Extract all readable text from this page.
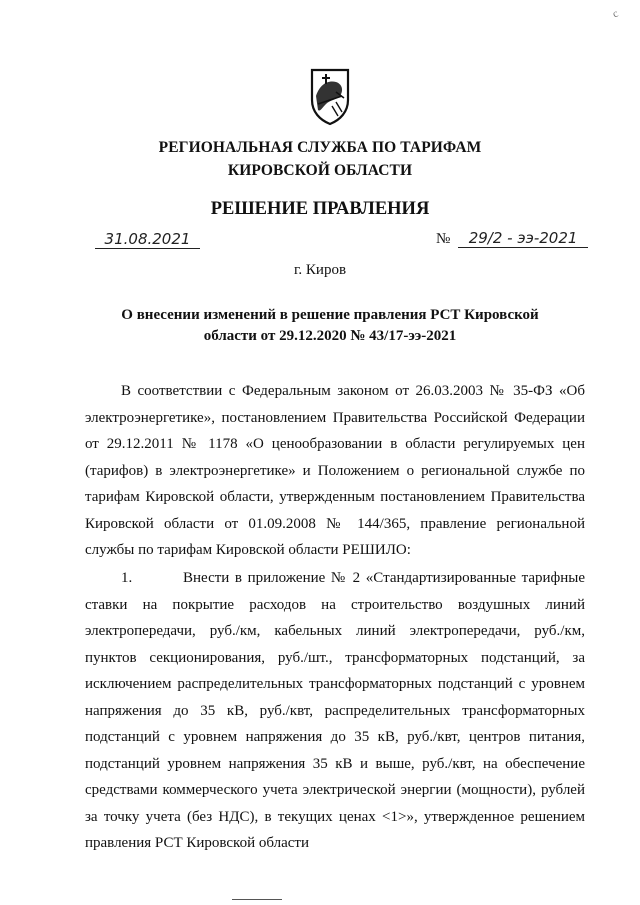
с
РЕГИОНАЛЬНАЯ СЛУЖБА ПО ТАРИФАМ
КИРОВСКОЙ ОБЛАСТИ
РЕШЕНИЕ ПРАВЛЕНИЯ
31.08.2021	№ 29/2 - ээ-2021
г. Киров
О внесении изменений в решение правления РСТ Кировской
области от 29.12.2020 № 43/17-ээ-2021

В соответствии с Федеральным законом от 26.03.2003 № 35-ФЗ «Об электроэнергетике», постановлением Правительства Российской Федерации от 29.12.2011 № 1178 «О ценообразовании в области регулируемых цен (тарифов) в электроэнергетике» и Положением о региональной службе по тарифам Кировской области, утвержденным постановлением Правительства Кировской области от 01.09.2008 № 144/365, правление региональной службы по тарифам Кировской области РЕШИЛО:

1.	Внести в приложение № 2 «Стандартизированные тарифные ставки на покрытие расходов на строительство воздушных линий электропередачи, руб./км, кабельных линий электропередачи, руб./км, пунктов секционирования, руб./шт., трансформаторных подстанций, за исключением распределительных трансформаторных подстанций с уровнем напряжения до 35 кВ, руб./квт, распределительных трансформаторных подстанций с уровнем напряжения до 35 кВ, руб./квт, центров питания, подстанций уровнем напряжения 35 кВ и выше, руб./квт, на обеспечение средствами коммерческого учета электрической энергии (мощности), рублей за точку учета (без НДС), в текущих ценах <1>», утвержденное решением правления РСТ Кировской области
